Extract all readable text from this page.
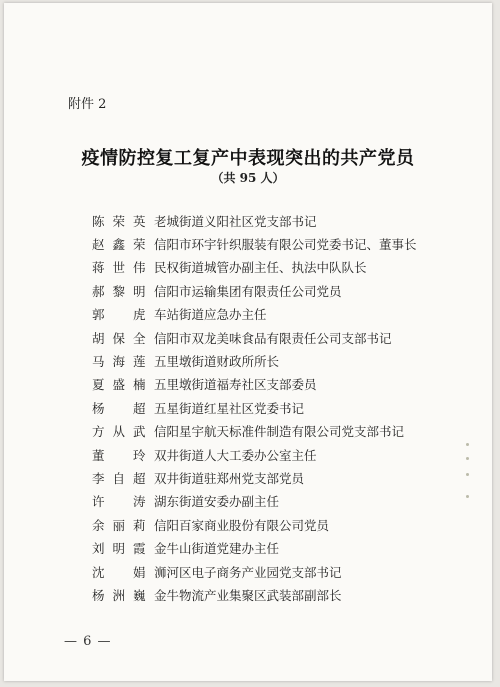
附件 2
疫情防控复工复产中表现突出的共产党员
（共 95 人）
陈荣英 老城街道义阳社区党支部书记
赵鑫荣 信阳市环宇针织服装有限公司党委书记、董事长
蒋世伟 民权街道城管办副主任、执法中队队长
郝黎明 信阳市运输集团有限责任公司党员
郭　虎 车站街道应急办主任
胡保全 信阳市双龙美味食品有限责任公司支部书记
马海莲 五里墩街道财政所所长
夏盛楠 五里墩街道福寿社区支部委员
杨　超 五星街道红星社区党委书记
方从武 信阳星宇航天标准件制造有限公司党支部书记
董　玲 双井街道人大工委办公室主任
李自超 双井街道驻郑州党支部党员
许　涛 湖东街道安委办副主任
余丽莉 信阳百家商业股份有限公司党员
刘明霞 金牛山街道党建办主任
沈　娟 浉河区电子商务产业园党支部书记
杨洲巍 金牛物流产业集聚区武装部副部长
— 6 —
